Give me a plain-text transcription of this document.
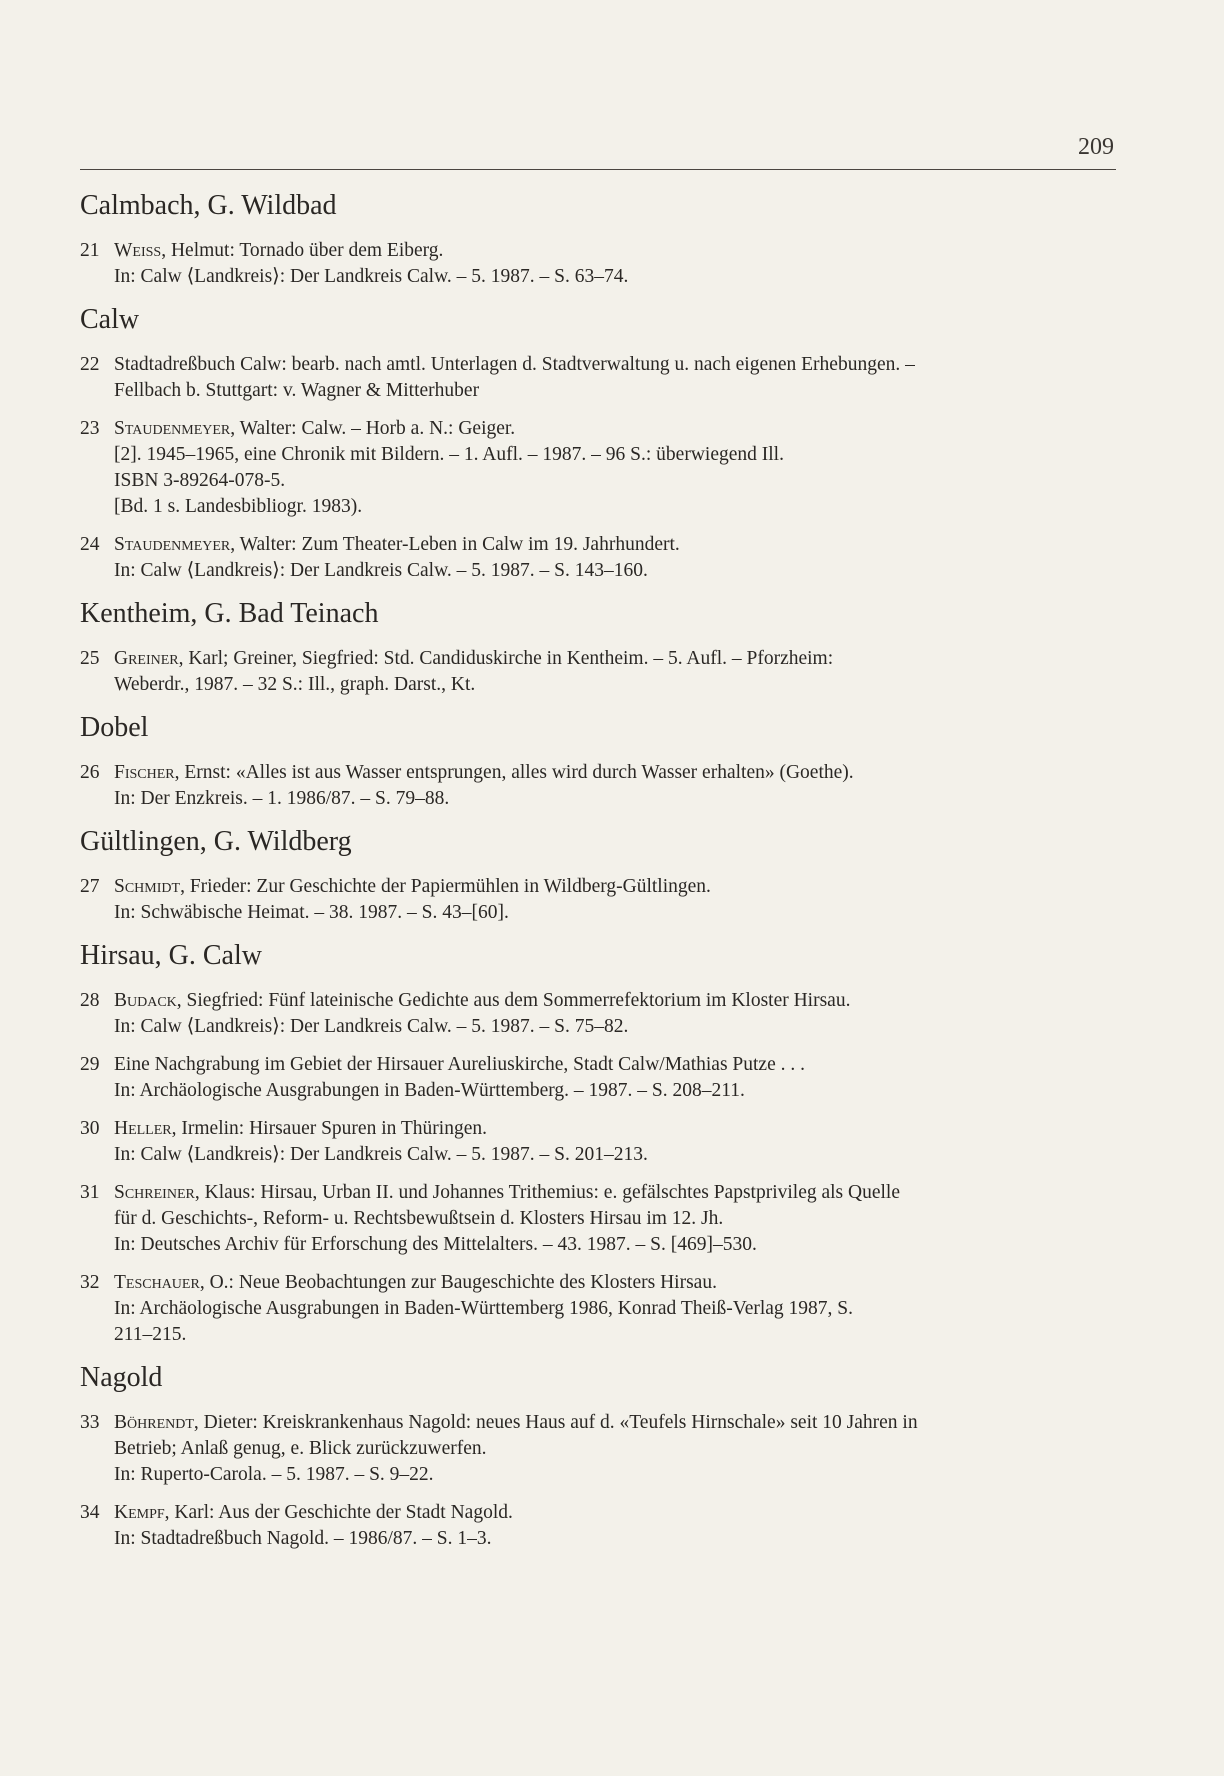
209
Calmbach, G. Wildbad
21 Weiss, Helmut: Tornado über dem Eiberg.
In: Calw ⟨Landkreis⟩: Der Landkreis Calw. – 5. 1987. – S. 63–74.
Calw
22 Stadtadreßbuch Calw: bearb. nach amtl. Unterlagen d. Stadtverwaltung u. nach eigenen Erhebungen. –
Fellbach b. Stuttgart: v. Wagner & Mitterhuber
23 Staudenmeyer, Walter: Calw. – Horb a. N.: Geiger.
[2]. 1945–1965, eine Chronik mit Bildern. – 1. Aufl. – 1987. – 96 S.: überwiegend Ill.
ISBN 3-89264-078-5.
[Bd. 1 s. Landesbibliogr. 1983).
24 Staudenmeyer, Walter: Zum Theater-Leben in Calw im 19. Jahrhundert.
In: Calw ⟨Landkreis⟩: Der Landkreis Calw. – 5. 1987. – S. 143–160.
Kentheim, G. Bad Teinach
25 Greiner, Karl; Greiner, Siegfried: Std. Candiduskirche in Kentheim. – 5. Aufl. – Pforzheim:
Weberdr., 1987. – 32 S.: Ill., graph. Darst., Kt.
Dobel
26 Fischer, Ernst: «Alles ist aus Wasser entsprungen, alles wird durch Wasser erhalten» (Goethe).
In: Der Enzkreis. – 1. 1986/87. – S. 79–88.
Gültlingen, G. Wildberg
27 Schmidt, Frieder: Zur Geschichte der Papiermühlen in Wildberg-Gültlingen.
In: Schwäbische Heimat. – 38. 1987. – S. 43–[60].
Hirsau, G. Calw
28 Budack, Siegfried: Fünf lateinische Gedichte aus dem Sommerrefektorium im Kloster Hirsau.
In: Calw ⟨Landkreis⟩: Der Landkreis Calw. – 5. 1987. – S. 75–82.
29 Eine Nachgrabung im Gebiet der Hirsauer Aureliuskirche, Stadt Calw/Mathias Putze . . .
In: Archäologische Ausgrabungen in Baden-Württemberg. – 1987. – S. 208–211.
30 Heller, Irmelin: Hirsauer Spuren in Thüringen.
In: Calw ⟨Landkreis⟩: Der Landkreis Calw. – 5. 1987. – S. 201–213.
31 Schreiner, Klaus: Hirsau, Urban II. und Johannes Trithemius: e. gefälschtes Papstprivileg als Quelle
für d. Geschichts-, Reform- u. Rechtsbewußtsein d. Klosters Hirsau im 12. Jh.
In: Deutsches Archiv für Erforschung des Mittelalters. – 43. 1987. – S. [469]–530.
32 Teschauer, O.: Neue Beobachtungen zur Baugeschichte des Klosters Hirsau.
In: Archäologische Ausgrabungen in Baden-Württemberg 1986, Konrad Theiß-Verlag 1987, S.
211–215.
Nagold
33 Böhrendt, Dieter: Kreiskrankenhaus Nagold: neues Haus auf d. «Teufels Hirnschale» seit 10 Jahren in
Betrieb; Anlaß genug, e. Blick zurückzuwerfen.
In: Ruperto-Carola. – 5. 1987. – S. 9–22.
34 Kempf, Karl: Aus der Geschichte der Stadt Nagold.
In: Stadtadreßbuch Nagold. – 1986/87. – S. 1–3.
